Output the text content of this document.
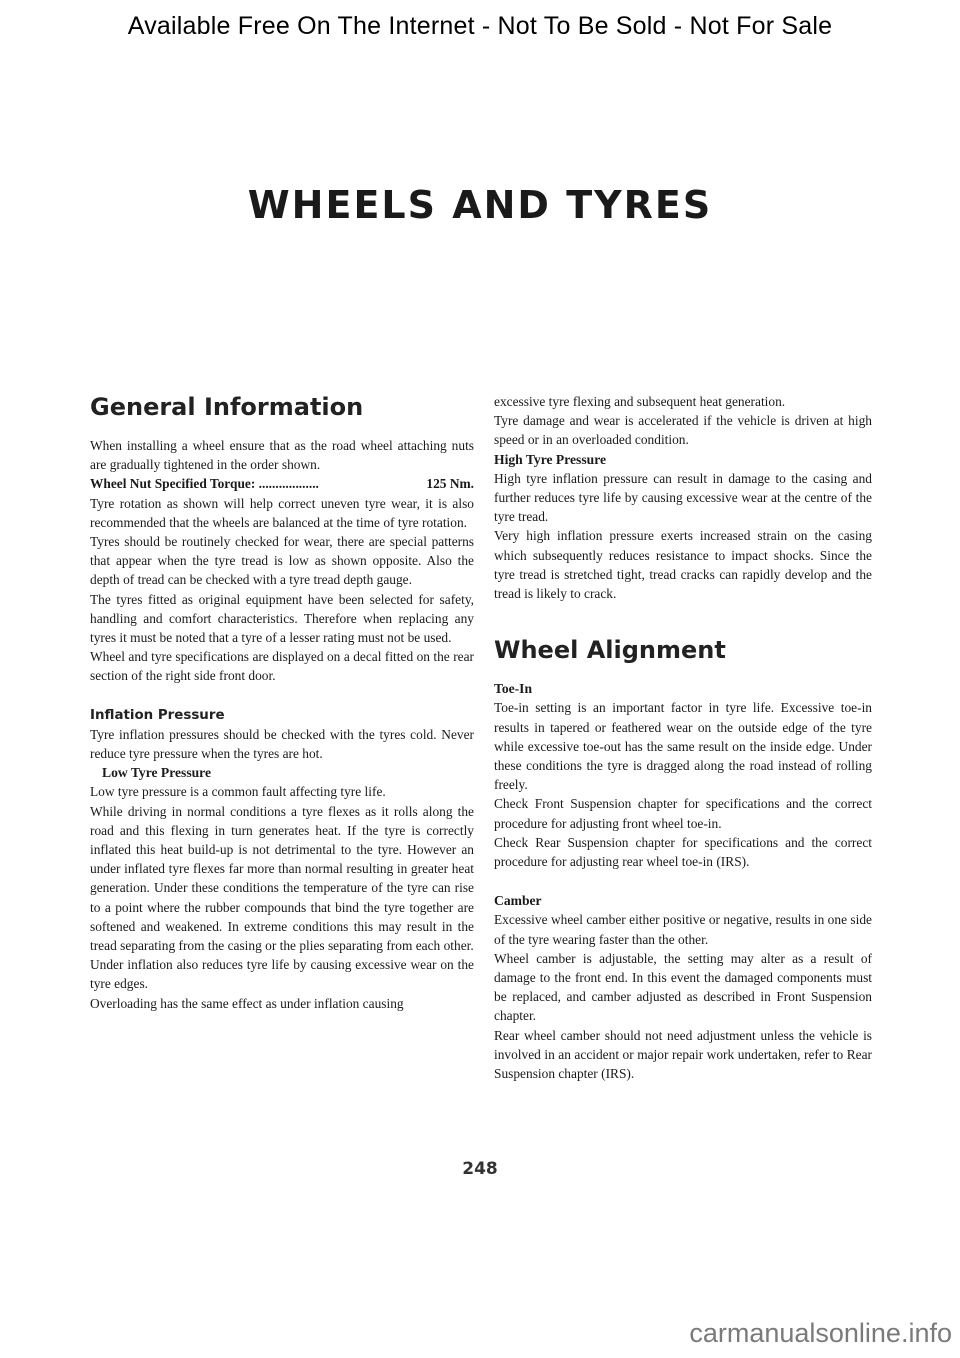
Available Free On The Internet - Not To Be Sold - Not For Sale
WHEELS AND TYRES
General Information

When installing a wheel ensure that as the road wheel attaching nuts are gradually tightened in the order shown.

Wheel Nut Specified Torque: ..................	125 Nm.

Tyre rotation as shown will help correct uneven tyre wear, it is also recommended that the wheels are balanced at the time of tyre rotation.

Tyres should be routinely checked for wear, there are special patterns that appear when the tyre tread is low as shown opposite. Also the depth of tread can be checked with a tyre tread depth gauge.

The tyres fitted as original equipment have been selected for safety, handling and comfort characteristics. Therefore when replacing any tyres it must be noted that a tyre of a lesser rating must not be used.

Wheel and tyre specifications are displayed on a decal fitted on the rear section of the right side front door.

Inflation Pressure

Tyre inflation pressures should be checked with the tyres cold. Never reduce tyre pressure when the tyres are hot.

Low Tyre Pressure

Low tyre pressure is a common fault affecting tyre life.

While driving in normal conditions a tyre flexes as it rolls along the road and this flexing in turn generates heat. If the tyre is correctly inflated this heat build-up is not detrimental to the tyre. However an under inflated tyre flexes far more than normal resulting in greater heat generation. Under these conditions the temperature of the tyre can rise to a point where the rubber compounds that bind the tyre together are softened and weakened. In extreme conditions this may result in the tread separating from the casing or the plies separating from each other.

Under inflation also reduces tyre life by causing excessive wear on the tyre edges.

Overloading has the same effect as under inflation causing

excessive tyre flexing and subsequent heat generation.

Tyre damage and wear is accelerated if the vehicle is driven at high speed or in an overloaded condition.

High Tyre Pressure

High tyre inflation pressure can result in damage to the casing and further reduces tyre life by causing excessive wear at the centre of the tyre tread.

Very high inflation pressure exerts increased strain on the casing which subsequently reduces resistance to impact shocks. Since the tyre tread is stretched tight, tread cracks can rapidly develop and the tread is likely to crack.

Wheel Alignment
Toe-In

Toe-in setting is an important factor in tyre life. Excessive toe-in results in tapered or feathered wear on the outside edge of the tyre while excessive toe-out has the same result on the inside edge. Under these conditions the tyre is dragged along the road instead of rolling freely.

Check Front Suspension chapter for specifications and the correct procedure for adjusting front wheel toe-in.

Check Rear Suspension chapter for specifications and the correct procedure for adjusting rear wheel toe-in (IRS).

Camber

Excessive wheel camber either positive or negative, results in one side of the tyre wearing faster than the other.

Wheel camber is adjustable, the setting may alter as a result of damage to the front end. In this event the damaged components must be replaced, and camber adjusted as described in Front Suspension chapter.

Rear wheel camber should not need adjustment unless the vehicle is involved in an accident or major repair work undertaken, refer to Rear Suspension chapter (IRS).

248
carmanualsonline.info
